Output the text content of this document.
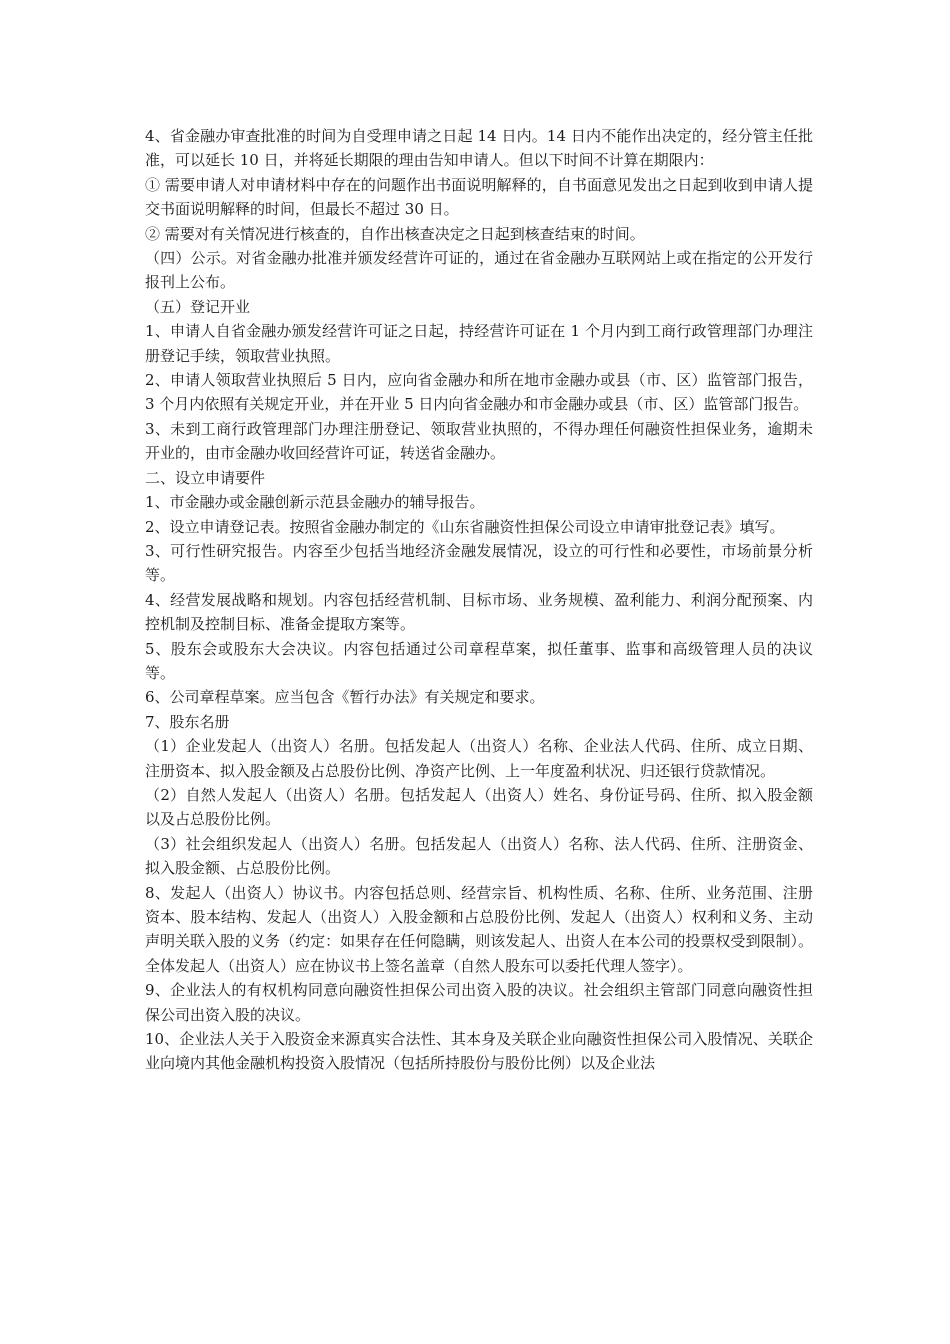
4、省金融办审查批准的时间为自受理申请之日起 14 日内。14 日内不能作出决定的，经分管主任批准，可以延长 10 日，并将延长期限的理由告知申请人。但以下时间不计算在期限内：

① 需要申请人对申请材料中存在的问题作出书面说明解释的，自书面意见发出之日起到收到申请人提交书面说明解释的时间，但最长不超过 30 日。

② 需要对有关情况进行核查的，自作出核查决定之日起到核查结束的时间。

（四）公示。对省金融办批准并颁发经营许可证的，通过在省金融办互联网站上或在指定的公开发行报刊上公布。

（五）登记开业

1、申请人自省金融办颁发经营许可证之日起，持经营许可证在 1 个月内到工商行政管理部门办理注册登记手续，领取营业执照。

2、申请人领取营业执照后 5 日内，应向省金融办和所在地市金融办或县（市、区）监管部门报告，3 个月内依照有关规定开业，并在开业 5 日内向省金融办和市金融办或县（市、区）监管部门报告。

3、未到工商行政管理部门办理注册登记、领取营业执照的，不得办理任何融资性担保业务，逾期未开业的，由市金融办收回经营许可证，转送省金融办。

二、设立申请要件

1、市金融办或金融创新示范县金融办的辅导报告。

2、设立申请登记表。按照省金融办制定的《山东省融资性担保公司设立申请审批登记表》填写。

3、可行性研究报告。内容至少包括当地经济金融发展情况，设立的可行性和必要性，市场前景分析等。

4、经营发展战略和规划。内容包括经营机制、目标市场、业务规模、盈利能力、利润分配预案、内控机制及控制目标、准备金提取方案等。

5、股东会或股东大会决议。内容包括通过公司章程草案，拟任董事、监事和高级管理人员的决议等。

6、公司章程草案。应当包含《暂行办法》有关规定和要求。

7、股东名册

（1）企业发起人（出资人）名册。包括发起人（出资人）名称、企业法人代码、住所、成立日期、注册资本、拟入股金额及占总股份比例、净资产比例、上一年度盈利状况、归还银行贷款情况。

（2）自然人发起人（出资人）名册。包括发起人（出资人）姓名、身份证号码、住所、拟入股金额以及占总股份比例。

（3）社会组织发起人（出资人）名册。包括发起人（出资人）名称、法人代码、住所、注册资金、拟入股金额、占总股份比例。

8、发起人（出资人）协议书。内容包括总则、经营宗旨、机构性质、名称、住所、业务范围、注册资本、股本结构、发起人（出资人）入股金额和占总股份比例、发起人（出资人）权利和义务、主动声明关联入股的义务（约定：如果存在任何隐瞒，则该发起人、出资人在本公司的投票权受到限制）。全体发起人（出资人）应在协议书上签名盖章（自然人股东可以委托代理人签字）。

9、企业法人的有权机构同意向融资性担保公司出资入股的决议。社会组织主管部门同意向融资性担保公司出资入股的决议。

10、企业法人关于入股资金来源真实合法性、其本身及关联企业向融资性担保公司入股情况、关联企业向境内其他金融机构投资入股情况（包括所持股份与股份比例）以及企业法
